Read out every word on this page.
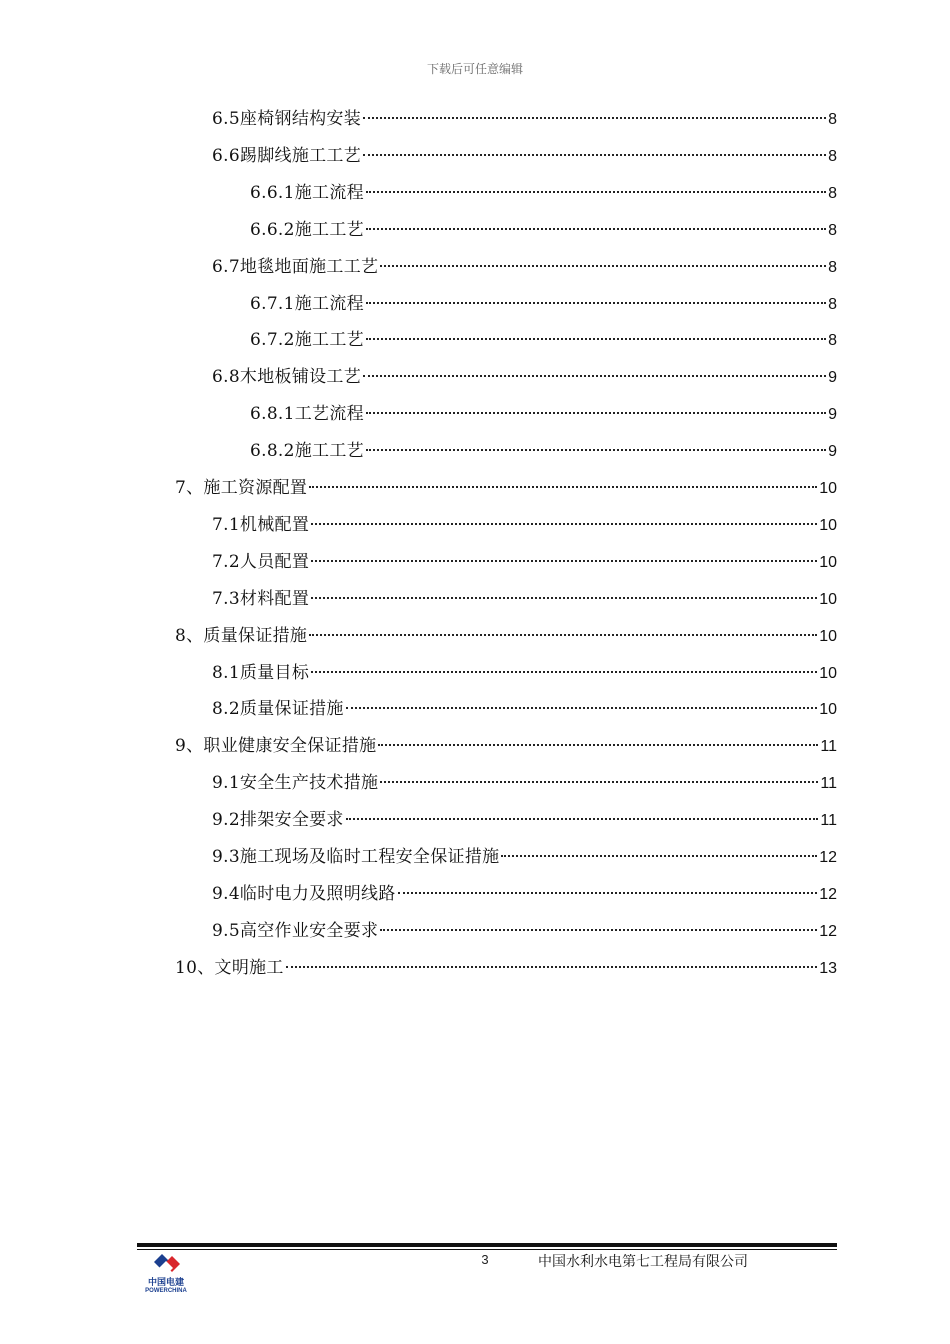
下载后可任意编辑
6.5座椅钢结构安装	8
6.6踢脚线施工工艺	8
6.6.1施工流程	8
6.6.2施工工艺	8
6.7地毯地面施工工艺	8
6.7.1施工流程	8
6.7.2施工工艺	8
6.8木地板铺设工艺	9
6.8.1工艺流程	9
6.8.2施工工艺	9
7、施工资源配置	10
7.1机械配置	10
7.2人员配置	10
7.3材料配置	10
8、质量保证措施	10
8.1质量目标	10
8.2质量保证措施	10
9、职业健康安全保证措施	11
9.1安全生产技术措施	11
9.2排架安全要求	11
9.3施工现场及临时工程安全保证措施	12
9.4临时电力及照明线路	12
9.5高空作业安全要求	12
10、文明施工	13
中国电建
POWERCHINA
3	中国水利水电第七工程局有限公司
